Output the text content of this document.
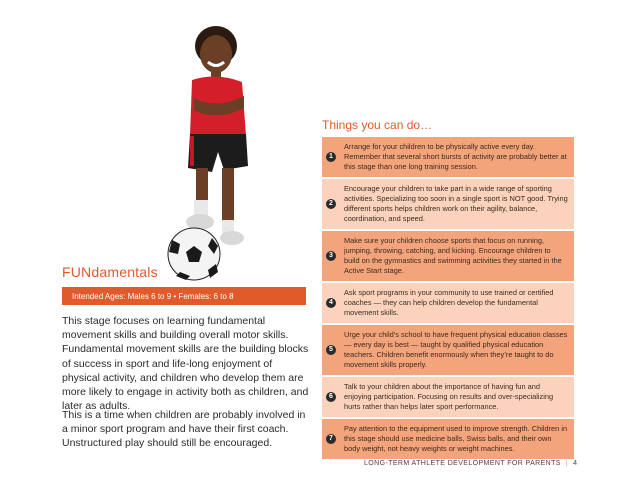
FUNdamentals
Intended Ages: Males 6 to 9 • Females: 6 to 8
This stage focuses on learning fundamental movement skills and building overall motor skills. Fundamental movement skills are the building blocks of success in sport and life-long enjoyment of physical activity, and children who develop them are more likely to engage in activity both as children, and later as adults.
This is a time when children are probably involved in a minor sport program and have their first coach. Unstructured play should still be encouraged.
Things you can do…
1
Arrange for your children to be physically active every day. Remember that several short bursts of activity are probably better at this stage than one long training session.
2
Encourage your children to take part in a wide range of sporting activities. Specializing too soon in a single sport is NOT good. Trying different sports helps children work on their agility, balance, coordination, and speed.
3
Make sure your children choose sports that focus on running, jumping, throwing, catching, and kicking. Encourage children to build on the gymnastics and swimming activities they started in the Active Start stage.
4
Ask sport programs in your community to use trained or certified coaches — they can help children develop the fundamental movement skills.
5
Urge your child’s school to have frequent physical education classes — every day is best — taught by qualified physical education teachers. Children benefit enormously when they’re taught to do movement skills properly.
6
Talk to your children about the importance of having fun and enjoying participation. Focusing on results and over-specializing hurts rather than helps later sport performance.
7
Pay attention to the equipment used to improve strength. Children in this stage should use medicine balls, Swiss balls, and their own body weight, not heavy weights or weight machines.
LONG-TERM ATHLETE DEVELOPMENT FOR PARENTS | 4
